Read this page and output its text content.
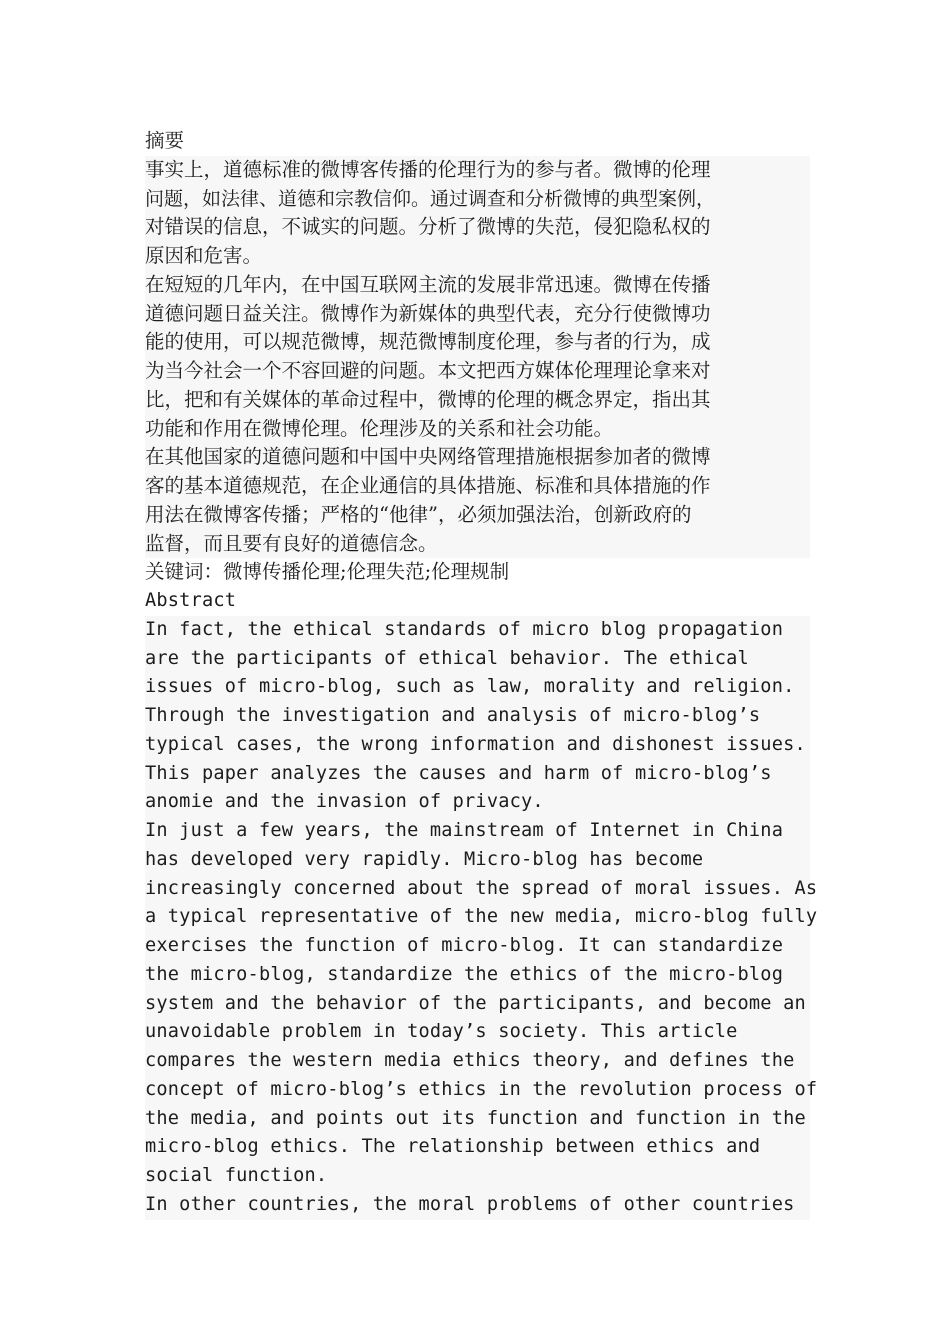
摘要
事实上，道德标准的微博客传播的伦理行为的参与者。微博的伦理
问题，如法律、道德和宗教信仰。通过调查和分析微博的典型案例，
对错误的信息，不诚实的问题。分析了微博的失范，侵犯隐私权的
原因和危害。
在短短的几年内，在中国互联网主流的发展非常迅速。微博在传播
道德问题日益关注。微博作为新媒体的典型代表，充分行使微博功
能的使用，可以规范微博，规范微博制度伦理，参与者的行为，成
为当今社会一个不容回避的问题。本文把西方媒体伦理理论拿来对
比，把和有关媒体的革命过程中，微博的伦理的概念界定，指出其
功能和作用在微博伦理。伦理涉及的关系和社会功能。
在其他国家的道德问题和中国中央网络管理措施根据参加者的微博
客的基本道德规范，在企业通信的具体措施、标准和具体措施的作
用法在微博客传播；严格的“他律”，必须加强法治，创新政府的
监督，而且要有良好的道德信念。
关键词：微博传播伦理;伦理失范;伦理规制
Abstract
In fact, the ethical standards of micro blog propagation
are the participants of ethical behavior. The ethical
issues of micro-blog, such as law, morality and religion.
Through the investigation and analysis of micro-blog’s
typical cases, the wrong information and dishonest issues.
This paper analyzes the causes and harm of micro-blog’s
anomie and the invasion of privacy.
In just a few years, the mainstream of Internet in China
has developed very rapidly. Micro-blog has become
increasingly concerned about the spread of moral issues. As
a typical representative of the new media, micro-blog fully
exercises the function of micro-blog. It can standardize
the micro-blog, standardize the ethics of the micro-blog
system and the behavior of the participants, and become an
unavoidable problem in today’s society. This article
compares the western media ethics theory, and defines the
concept of micro-blog’s ethics in the revolution process of
the media, and points out its function and function in the
micro-blog ethics. The relationship between ethics and
social function.
In other countries, the moral problems of other countries
